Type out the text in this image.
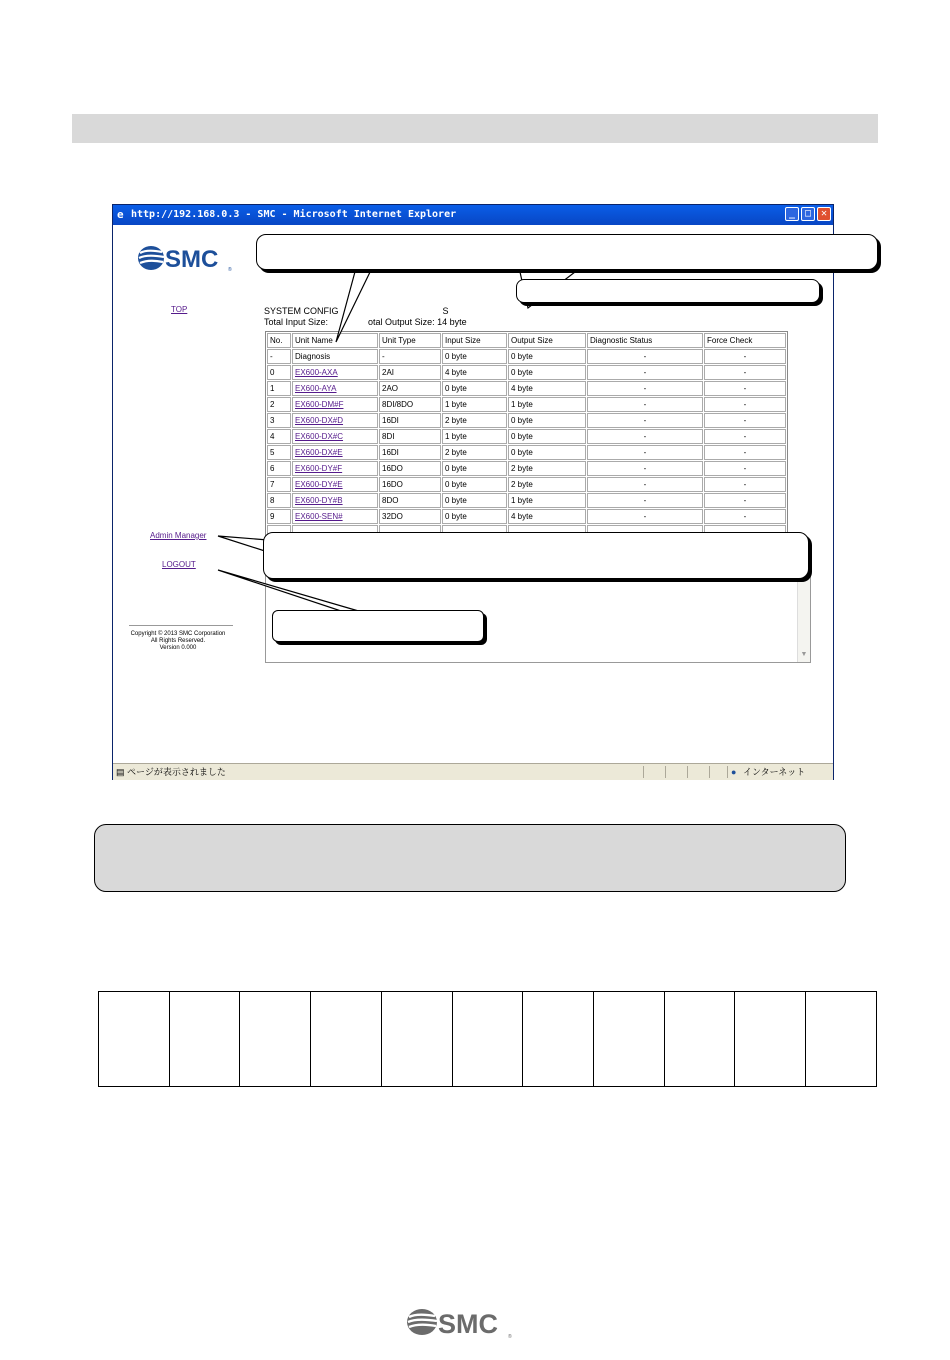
e http://192.168.0.3 - SMC - Microsoft Internet Explorer	_ □ ✕
SMC ®
TOP
Admin Manager
LOGOUT
Copyright © 2013 SMC Corporation
All Rights Reserved.
Version 0.000
SYSTEM CONFIG	S
Total Input Size:	otal Output Size: 14 byte
No.	Unit Name	Unit Type	Input Size	Output Size	Diagnostic Status	Force Check
-	Diagnosis	-	0 byte	0 byte	-	-
0	EX600-AXA	2AI	4 byte	0 byte	-	-
1	EX600-AYA	2AO	0 byte	4 byte	-	-
2	EX600-DM#F	8DI/8DO	1 byte	1 byte	-	-
3	EX600-DX#D	16DI	2 byte	0 byte	-	-
4	EX600-DX#C	8DI	1 byte	0 byte	-	-
5	EX600-DX#E	16DI	2 byte	0 byte	-	-
6	EX600-DY#F	16DO	0 byte	2 byte	-	-
7	EX600-DY#E	16DO	0 byte	2 byte	-	-
8	EX600-DY#B	8DO	0 byte	1 byte	-	-
9	EX600-SEN#	32DO	0 byte	4 byte	-	-

▼
▤ ページが表示されました	● インターネット

SMC ®
